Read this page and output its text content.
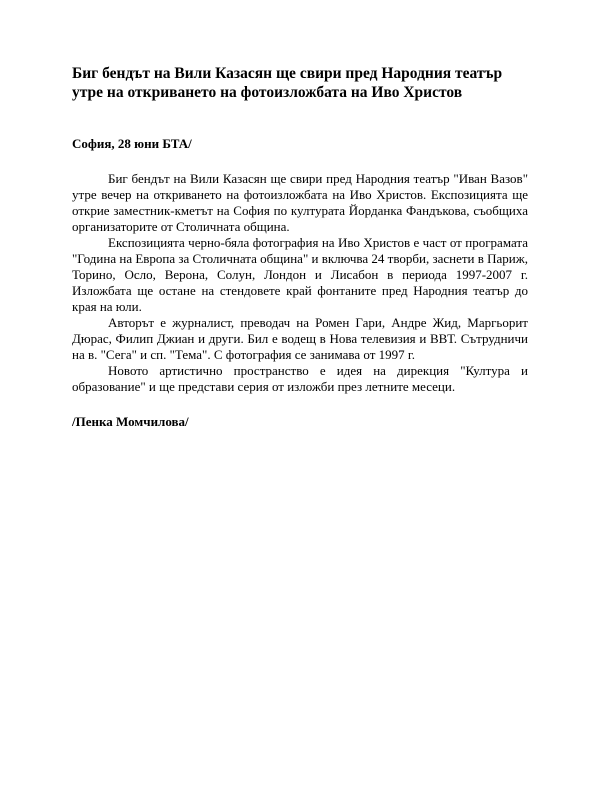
Биг бендът на Вили Казасян ще свири пред Народния театър утре на откриването на фотоизложбата на Иво Христов

София, 28 юни БТА/

Биг бендът на Вили Казасян ще свири пред Народния театър "Иван Вазов" утре вечер на откриването на фотоизложбата на Иво Христов. Експозицията ще открие заместник-кметът на София по културата Йорданка Фандъкова, съобщиха организаторите от Столичната община.

Експозицията черно-бяла фотография на Иво Христов е част от програмата "Година на Европа за Столичната община" и включва 24 творби, заснети в Париж, Торино, Осло, Верона, Солун, Лондон и Лисабон в периода 1997-2007 г. Изложбата ще остане на стендовете край фонтаните пред Народния театър до края на юли.

Авторът е журналист, преводач на Ромен Гари, Андре Жид, Маргьорит Дюрас, Филип Джиан и други. Бил е водещ в Нова телевизия и ВВТ. Сътрудничи на в. "Сега" и сп. "Тема". С фотография се занимава от 1997 г.

Новото артистично пространство е идея на дирекция "Култура и образование" и ще представи серия от изложби през летните месеци.

/Пенка Момчилова/
